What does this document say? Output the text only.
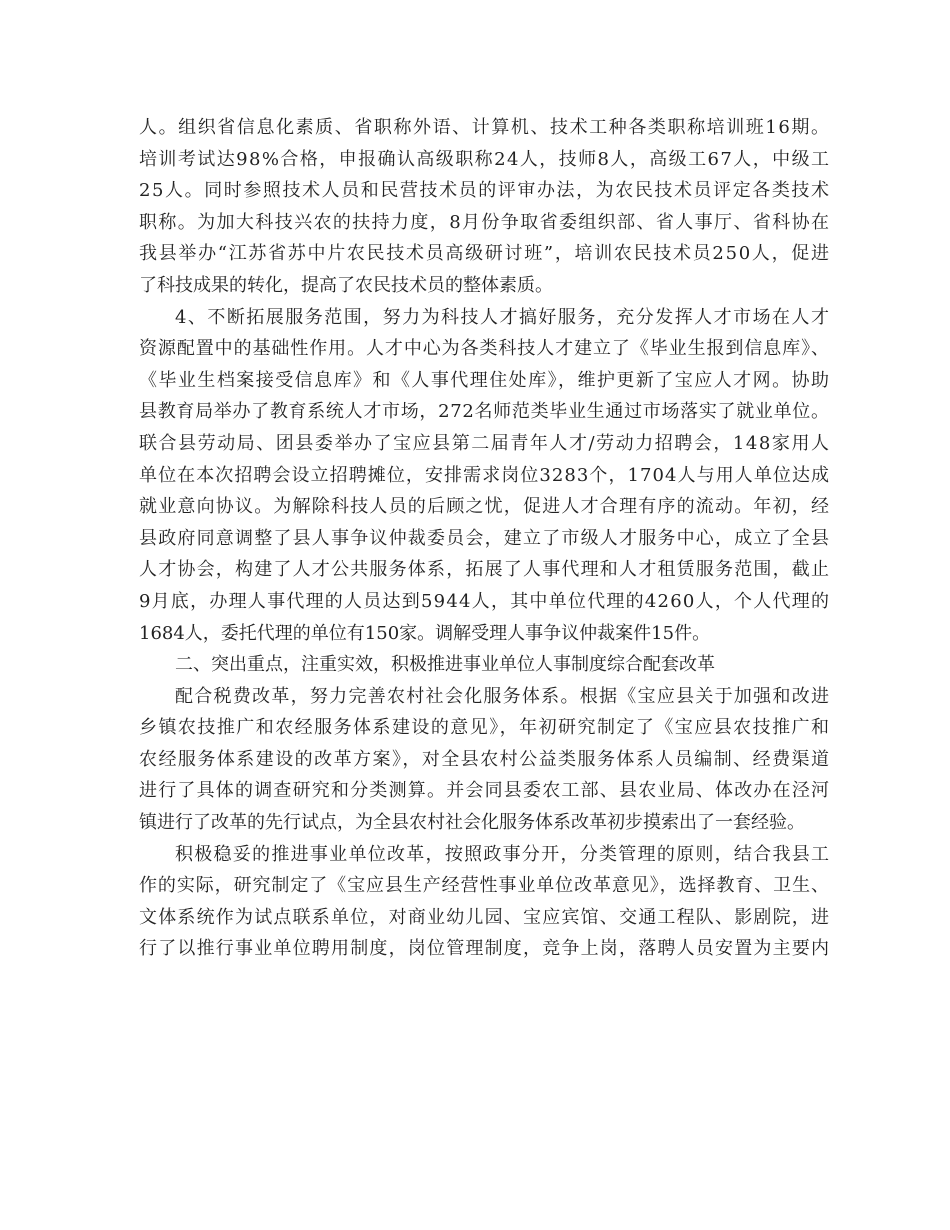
人。组织省信息化素质、省职称外语、计算机、技术工种各类职称培训班16期。
培训考试达98%合格，申报确认高级职称24人，技师8人，高级工67人，中级工
25人。同时参照技术人员和民营技术员的评审办法，为农民技术员评定各类技术
职称。为加大科技兴农的扶持力度，8月份争取省委组织部、省人事厅、省科协在
我县举办“江苏省苏中片农民技术员高级研讨班”，培训农民技术员250人，促进
了科技成果的转化，提高了农民技术员的整体素质。
4、不断拓展服务范围，努力为科技人才搞好服务，充分发挥人才市场在人才
资源配置中的基础性作用。人才中心为各类科技人才建立了《毕业生报到信息库》、
《毕业生档案接受信息库》和《人事代理住处库》，维护更新了宝应人才网。协助
县教育局举办了教育系统人才市场，272名师范类毕业生通过市场落实了就业单位。
联合县劳动局、团县委举办了宝应县第二届青年人才/劳动力招聘会，148家用人
单位在本次招聘会设立招聘摊位，安排需求岗位3283个，1704人与用人单位达成
就业意向协议。为解除科技人员的后顾之忧，促进人才合理有序的流动。年初，经
县政府同意调整了县人事争议仲裁委员会，建立了市级人才服务中心，成立了全县
人才协会，构建了人才公共服务体系，拓展了人事代理和人才租赁服务范围，截止
9月底，办理人事代理的人员达到5944人，其中单位代理的4260人，个人代理的
1684人，委托代理的单位有150家。调解受理人事争议仲裁案件15件。
二、突出重点，注重实效，积极推进事业单位人事制度综合配套改革
配合税费改革，努力完善农村社会化服务体系。根据《宝应县关于加强和改进
乡镇农技推广和农经服务体系建设的意见》，年初研究制定了《宝应县农技推广和
农经服务体系建设的改革方案》，对全县农村公益类服务体系人员编制、经费渠道
进行了具体的调查研究和分类测算。并会同县委农工部、县农业局、体改办在泾河
镇进行了改革的先行试点，为全县农村社会化服务体系改革初步摸索出了一套经验。
积极稳妥的推进事业单位改革，按照政事分开，分类管理的原则，结合我县工
作的实际，研究制定了《宝应县生产经营性事业单位改革意见》，选择教育、卫生、
文体系统作为试点联系单位，对商业幼儿园、宝应宾馆、交通工程队、影剧院，进
行了以推行事业单位聘用制度，岗位管理制度，竞争上岗，落聘人员安置为主要内
